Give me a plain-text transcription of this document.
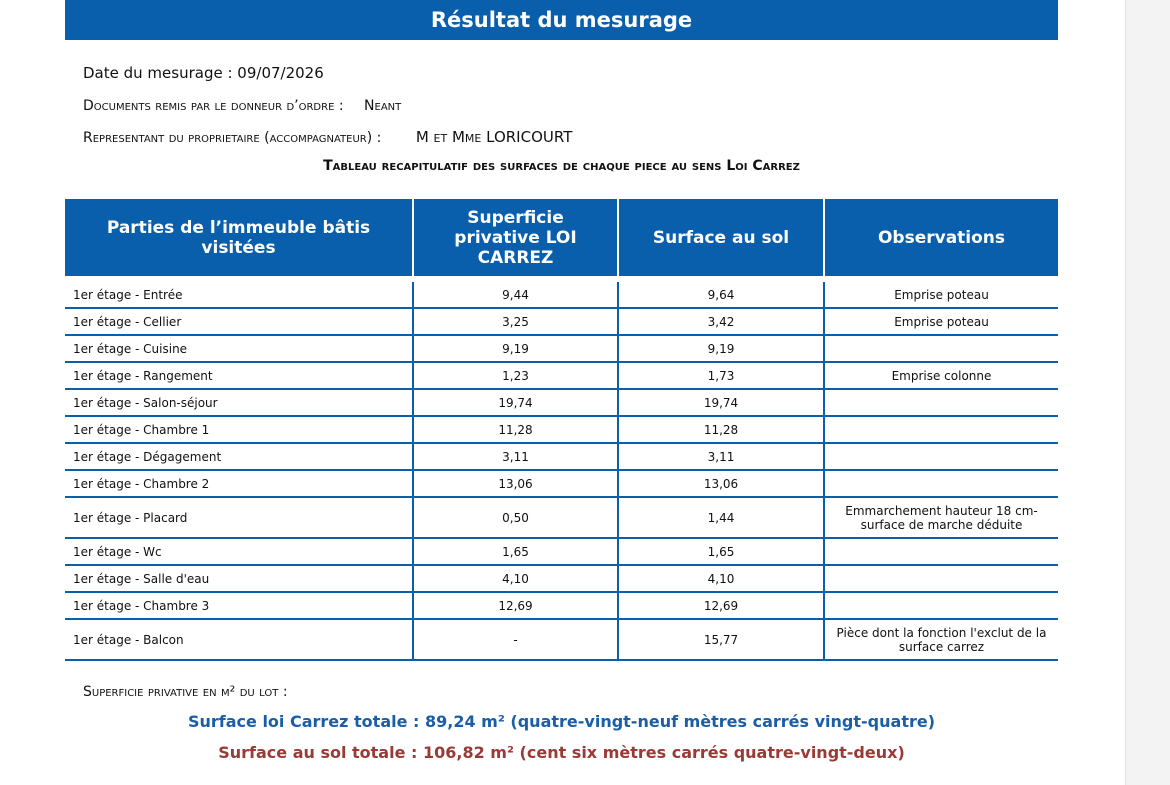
Résultat du mesurage
Date du mesurage : 09/07/2026
Documents remis par le donneur d’ordre : Neant
Representant du proprietaire (accompagnateur) : M et Mme LORICOURT
Tableau recapitulatif des surfaces de chaque piece au sens Loi Carrez
Parties de l’immeuble bâtis visitées	Superficie privative LOI CARREZ	Surface au sol	Observations
1er étage - Entrée	9,44	9,64	Emprise poteau
1er étage - Cellier	3,25	3,42	Emprise poteau
1er étage - Cuisine	9,19	9,19	
1er étage - Rangement	1,23	1,73	Emprise colonne
1er étage - Salon-séjour	19,74	19,74	
1er étage - Chambre 1	11,28	11,28	
1er étage - Dégagement	3,11	3,11	
1er étage - Chambre 2	13,06	13,06	
1er étage - Placard	0,50	1,44	Emmarchement hauteur 18 cm- surface de marche déduite
1er étage - Wc	1,65	1,65	
1er étage - Salle d'eau	4,10	4,10	
1er étage - Chambre 3	12,69	12,69	
1er étage - Balcon	-	15,77	Pièce dont la fonction l'exclut de la surface carrez
Superficie privative en m² du lot :
Surface loi Carrez totale : 89,24 m² (quatre-vingt-neuf mètres carrés vingt-quatre)
Surface au sol totale : 106,82 m² (cent six mètres carrés quatre-vingt-deux)
